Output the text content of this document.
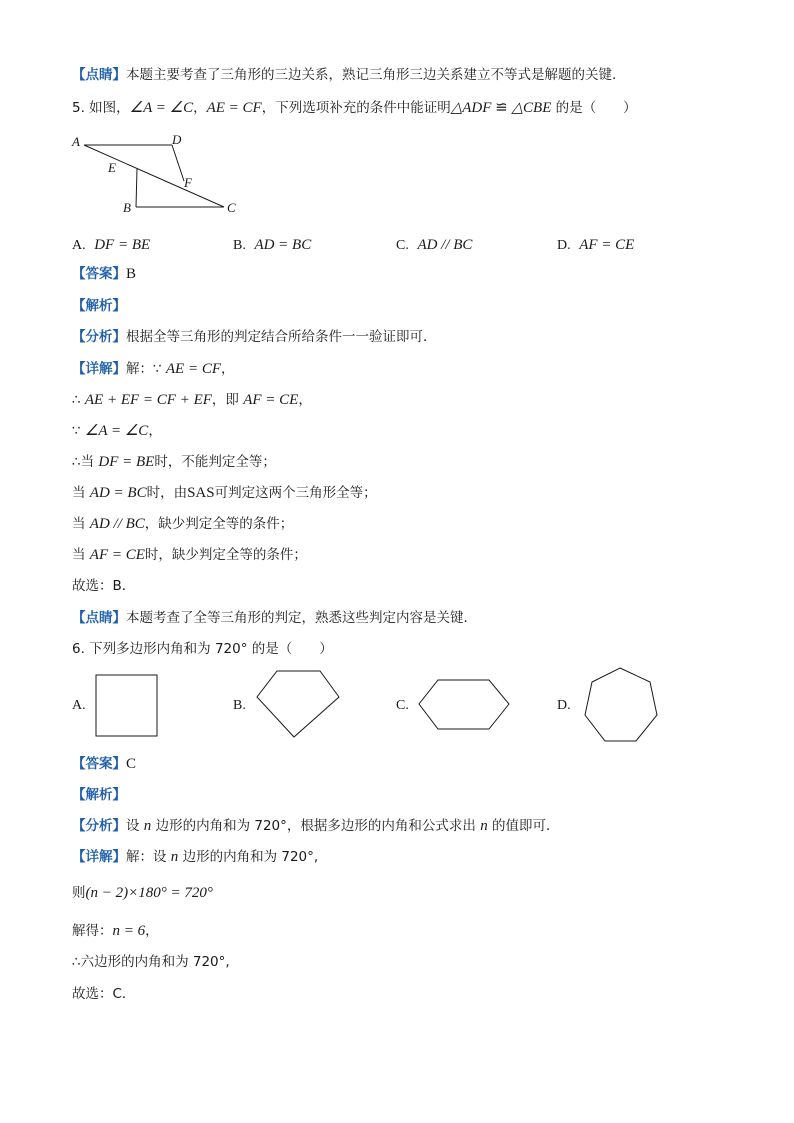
【点睛】本题主要考查了三角形的三边关系，熟记三角形三边关系建立不等式是解题的关键．
5. 如图，∠A = ∠C，AE = CF，下列选项补充的条件中能证明△ADF ≌ △CBE 的是（　　）
A	D
E
F
B	C
A. DF = BE	B. AD = BC	C. AD // BC	D. AF = CE
【答案】B
【解析】
【分析】根据全等三角形的判定结合所给条件一一验证即可．
【详解】解：∵ AE = CF，
∴ AE + EF = CF + EF，即 AF = CE，
∵ ∠A = ∠C，
∴当 DF = BE时，不能判定全等；
当 AD = BC时，由SAS可判定这两个三角形全等；
当 AD // BC，缺少判定全等的条件；
当 AF = CE时，缺少判定全等的条件；
故选：B．
【点睛】本题考查了全等三角形的判定，熟悉这些判定内容是关键．
6. 下列多边形内角和为 720° 的是（　　）
A.	B.	C.	D.
【答案】C
【解析】
【分析】设 n 边形的内角和为 720°，根据多边形的内角和公式求出 n 的值即可．
【详解】解：设 n 边形的内角和为 720°,
则(n − 2)×180° = 720°
解得：n = 6，
∴六边形的内角和为 720°,
故选：C．
